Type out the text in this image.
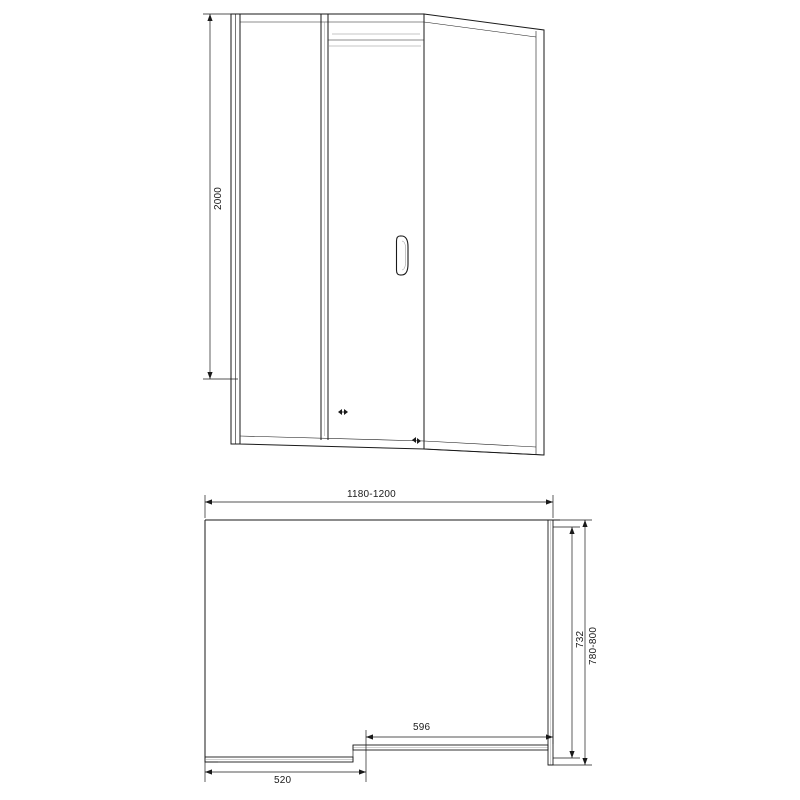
2000
1180-1200
732 780-800
596
520
